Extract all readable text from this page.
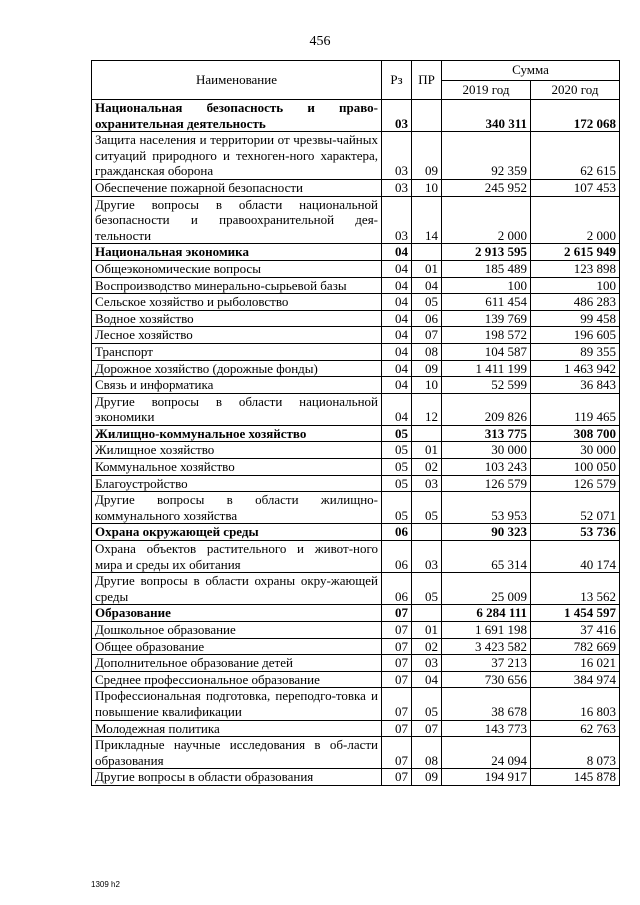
456
Наименование	Рз	ПР	Сумма	
			2019 год	2020 год
Национальная безопасность и право-охранительная деятельность	03		340 311	172 068
Защита населения и территории от чрезвы-чайных ситуаций природного и техноген-ного характера, гражданская оборона	03	09	92 359	62 615
Обеспечение пожарной безопасности	03	10	245 952	107 453
Другие вопросы в области национальной безопасности и правоохранительной дея-тельности	03	14	2 000	2 000
Национальная экономика	04		2 913 595	2 615 949
Общеэкономические вопросы	04	01	185 489	123 898
Воспроизводство минерально-сырьевой базы	04	04	100	100
Сельское хозяйство и рыболовство	04	05	611 454	486 283
Водное хозяйство	04	06	139 769	99 458
Лесное хозяйство	04	07	198 572	196 605
Транспорт	04	08	104 587	89 355
Дорожное хозяйство (дорожные фонды)	04	09	1 411 199	1 463 942
Связь и информатика	04	10	52 599	36 843
Другие вопросы в области национальной экономики	04	12	209 826	119 465
Жилищно-коммунальное хозяйство	05		313 775	308 700
Жилищное хозяйство	05	01	30 000	30 000
Коммунальное хозяйство	05	02	103 243	100 050
Благоустройство	05	03	126 579	126 579
Другие вопросы в области жилищно-коммунального хозяйства	05	05	53 953	52 071
Охрана окружающей среды	06		90 323	53 736
Охрана объектов растительного и живот-ного мира и среды их обитания	06	03	65 314	40 174
Другие вопросы в области охраны окру-жающей среды	06	05	25 009	13 562
Образование	07		6 284 111	1 454 597
Дошкольное образование	07	01	1 691 198	37 416
Общее образование	07	02	3 423 582	782 669
Дополнительное образование детей	07	03	37 213	16 021
Среднее профессиональное образование	07	04	730 656	384 974
Профессиональная подготовка, переподго-товка и повышение квалификации	07	05	38 678	16 803
Молодежная политика	07	07	143 773	62 763
Прикладные научные исследования в об-ласти образования	07	08	24 094	8 073
Другие вопросы в области образования	07	09	194 917	145 878
1309 h2
